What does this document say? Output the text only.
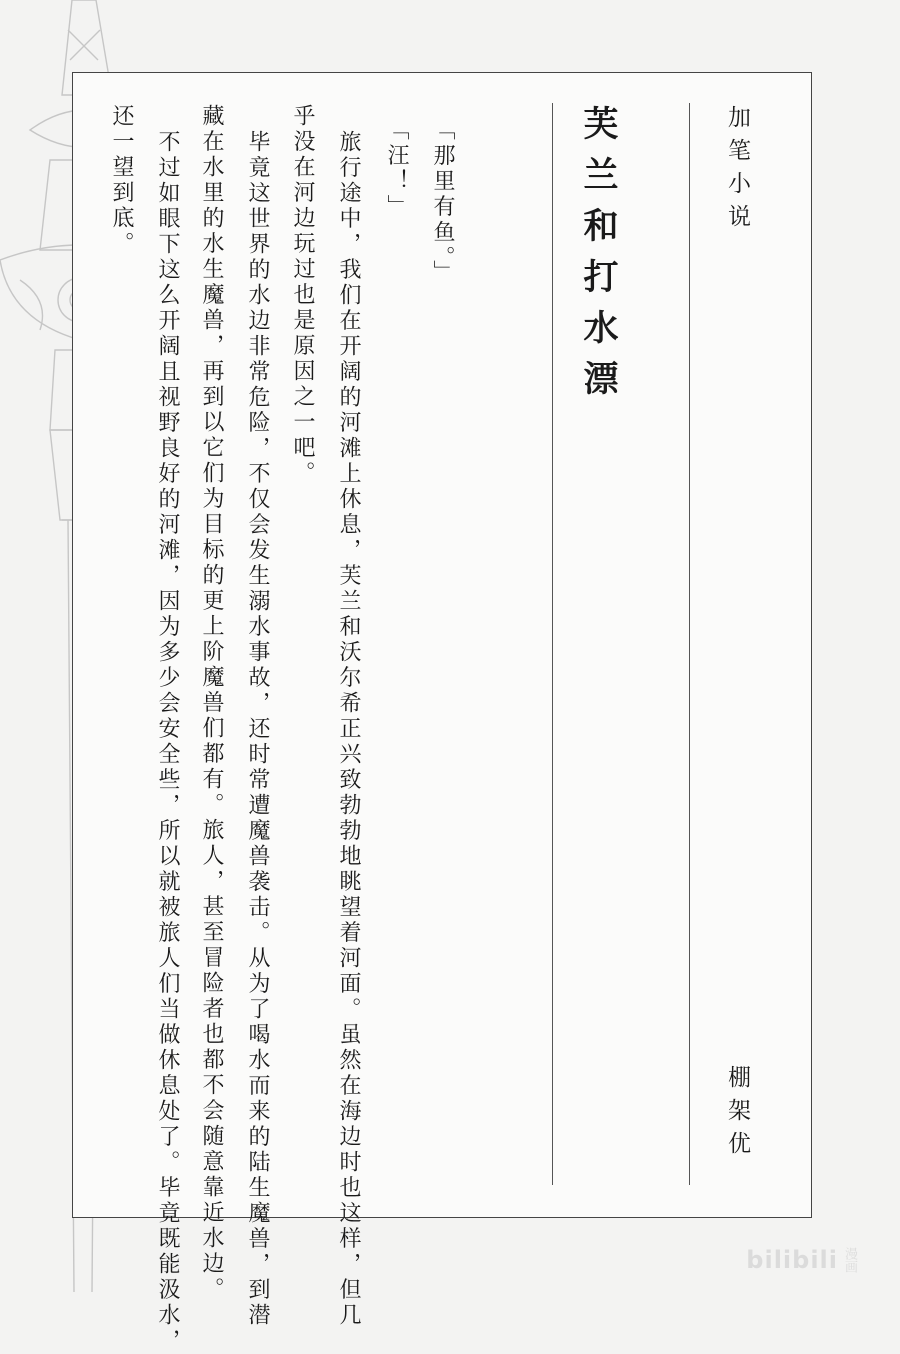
加笔小说
芙兰和打水漂
棚架优
「那里有鱼。」
「汪！」
旅行途中，我们在开阔的河滩上休息，芙兰和沃尔希正兴致勃勃地眺望着河面。虽然在海边时也这样，但几
乎没在河边玩过也是原因之一吧。
毕竟这世界的水边非常危险，不仅会发生溺水事故，还时常遭魔兽袭击。从为了喝水而来的陆生魔兽，到潜
藏在水里的水生魔兽，再到以它们为目标的更上阶魔兽们都有。旅人，甚至冒险者也都不会随意靠近水边。
不过如眼下这么开阔且视野良好的河滩，因为多少会安全些，所以就被旅人们当做休息处了。毕竟既能汲水，
还一望到底。
bilibili 漫画
